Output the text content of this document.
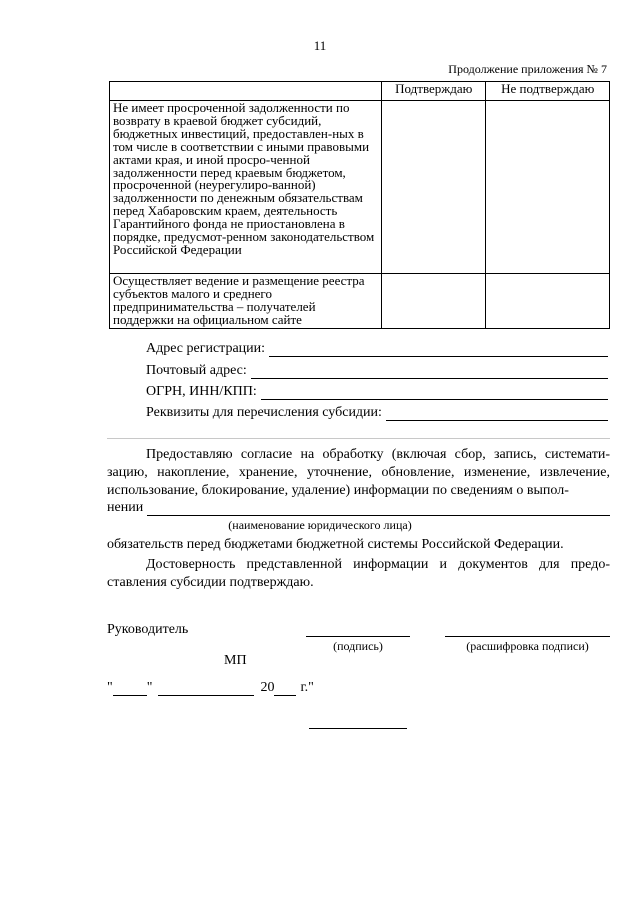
11
Продолжение приложения № 7
	Подтверждаю	Не подтверждаю
Не имеет просроченной задолженности по возврату в краевой бюджет субсидий, бюджетных инвестиций, предоставлен-ных в том числе в соответствии с иными правовыми актами края, и иной просро-ченной задолженности перед краевым бюджетом, просроченной (неурегулиро-ванной) задолженности по денежным обязательствам перед Хабаровским краем, деятельность Гарантийного фонда не приостановлена в порядке, предусмот-ренном законодательством Российской Федерации		
Осуществляет ведение и размещение реестра субъектов малого и среднего предпринимательства – получателей поддержки на официальном сайте		
Адрес регистрации:
Почтовый адрес:
ОГРН, ИНН/КПП:
Реквизиты для перечисления субсидии:

Предоставляю согласие на обработку (включая сбор, запись, системати-зацию, накопление, хранение, уточнение, обновление, изменение, извлечение, использование, блокирование, удаление) информации по сведениям о выпол-

нении
(наименование юридического лица)

обязательств перед бюджетами бюджетной системы Российской Федерации.

Достоверность представленной информации и документов для предо-ставления субсидии подтверждаю.

Руководитель
(подпись)	(расшифровка подписи)
МП
" "	20 г."
